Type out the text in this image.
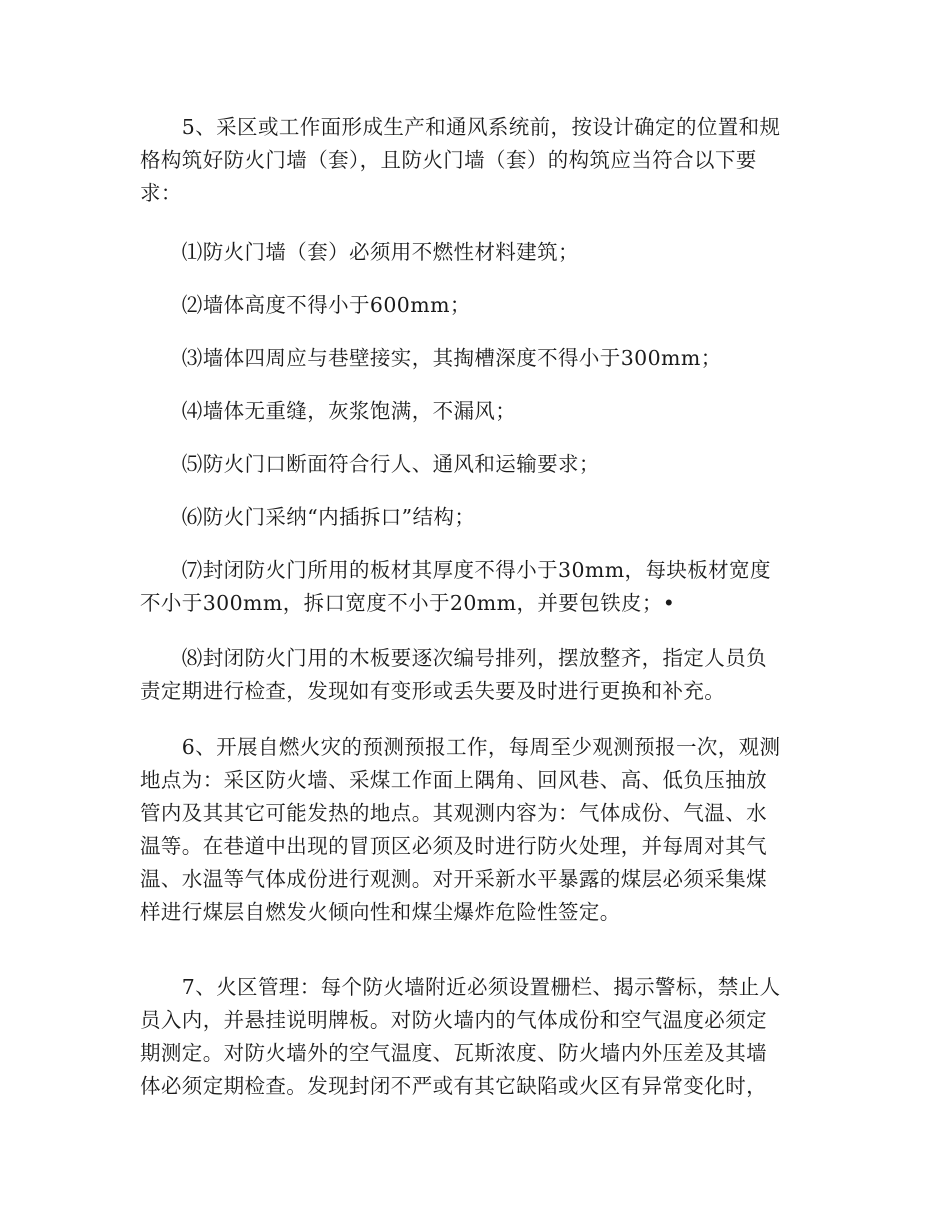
　　5、采区或工作面形成生产和通风系统前，按设计确定的位置和规
格构筑好防火门墙（套），且防火门墙（套）的构筑应当符合以下要
求：

　　⑴防火门墙（套）必须用不燃性材料建筑；

　　⑵墙体高度不得小于600mm；

　　⑶墙体四周应与巷壁接实，其掏槽深度不得小于300mm；

　　⑷墙体无重缝，灰浆饱满，不漏风；

　　⑸防火门口断面符合行人、通风和运输要求；

　　⑹防火门采纳“内插拆口”结构；

　　⑺封闭防火门所用的板材其厚度不得小于30mm，每块板材宽度
不小于300mm，拆口宽度不小于20mm，并要包铁皮；•

　　⑻封闭防火门用的木板要逐次编号排列，摆放整齐，指定人员负
责定期进行检查，发现如有变形或丢失要及时进行更换和补充。

　　6、开展自燃火灾的预测预报工作，每周至少观测预报一次，观测
地点为：采区防火墙、采煤工作面上隅角、回风巷、高、低负压抽放
管内及其其它可能发热的地点。其观测内容为：气体成份、气温、水
温等。在巷道中出现的冒顶区必须及时进行防火处理，并每周对其气
温、水温等气体成份进行观测。对开采新水平暴露的煤层必须采集煤
样进行煤层自燃发火倾向性和煤尘爆炸危险性签定。

　　7、火区管理：每个防火墙附近必须设置栅栏、揭示警标，禁止人
员入内，并悬挂说明牌板。对防火墙内的气体成份和空气温度必须定
期测定。对防火墙外的空气温度、瓦斯浓度、防火墙内外压差及其墙
体必须定期检查。发现封闭不严或有其它缺陷或火区有异常变化时，
